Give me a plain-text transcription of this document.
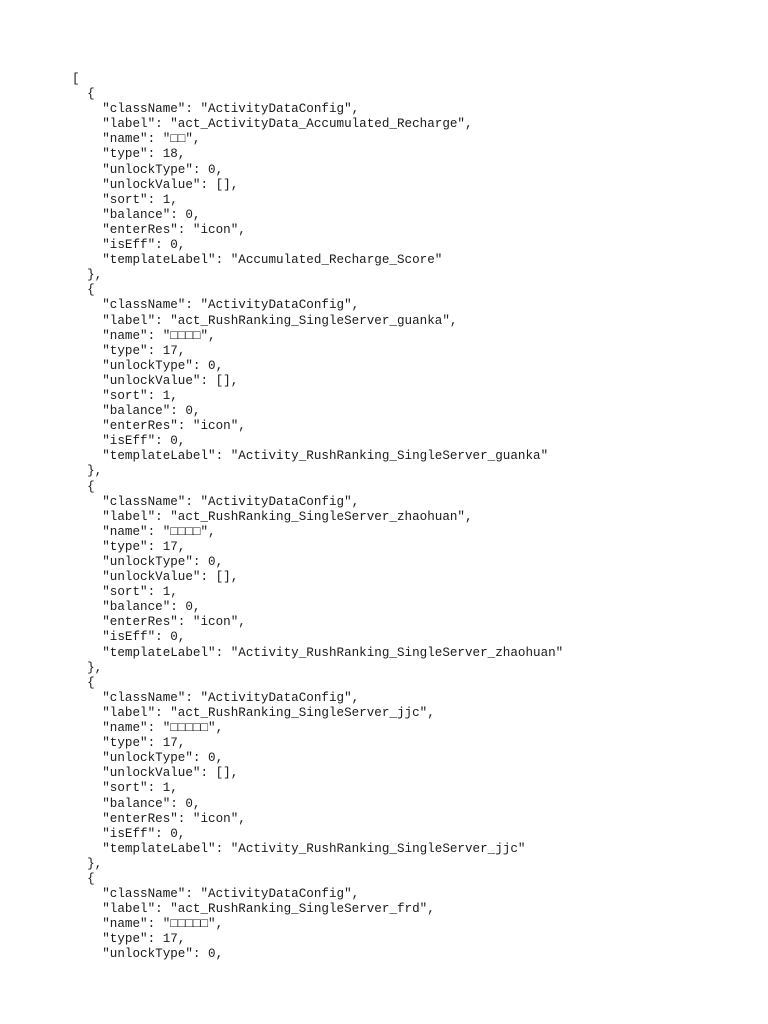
[
{
"className": "ActivityDataConfig",
"label": "act_ActivityData_Accumulated_Recharge",
"name": "□□",
"type": 18,
"unlockType": 0,
"unlockValue": [],
"sort": 1,
"balance": 0,
"enterRes": "icon",
"isEff": 0,
"templateLabel": "Accumulated_Recharge_Score"
},
{
"className": "ActivityDataConfig",
"label": "act_RushRanking_SingleServer_guanka",
"name": "□□□□",
"type": 17,
"unlockType": 0,
"unlockValue": [],
"sort": 1,
"balance": 0,
"enterRes": "icon",
"isEff": 0,
"templateLabel": "Activity_RushRanking_SingleServer_guanka"
},
{
"className": "ActivityDataConfig",
"label": "act_RushRanking_SingleServer_zhaohuan",
"name": "□□□□",
"type": 17,
"unlockType": 0,
"unlockValue": [],
"sort": 1,
"balance": 0,
"enterRes": "icon",
"isEff": 0,
"templateLabel": "Activity_RushRanking_SingleServer_zhaohuan"
},
{
"className": "ActivityDataConfig",
"label": "act_RushRanking_SingleServer_jjc",
"name": "□□□□□",
"type": 17,
"unlockType": 0,
"unlockValue": [],
"sort": 1,
"balance": 0,
"enterRes": "icon",
"isEff": 0,
"templateLabel": "Activity_RushRanking_SingleServer_jjc"
},
{
"className": "ActivityDataConfig",
"label": "act_RushRanking_SingleServer_frd",
"name": "□□□□□",
"type": 17,
"unlockType": 0,
